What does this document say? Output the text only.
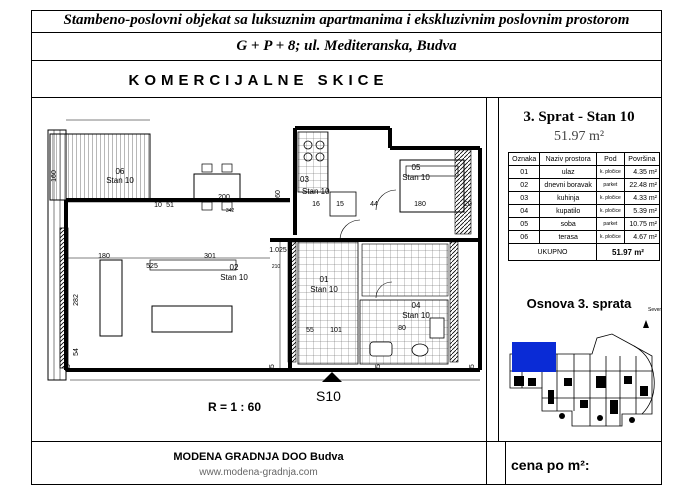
Stambeno-poslovni objekat sa luksuznim apartmanima i ekskluzivnim poslovnim prostorom
G + P + 8; ul. Mediteranska, Budva
KOMERCIJALNE SKICE
3. Sprat - Stan 10
51.97 m²
Oznaka	Naziv prostora	Pod	Površina
01	ulaz	k. pločice	4.35 m²
02	dnevni boravak	parket	22.48 m²
03	kuhinja	k. pločice	4.33 m²
04	kupatilo	k. pločice	5.39 m²
05	soba	parket	10.75 m²
06	terasa	k. pločice	4.67 m²
UKUPNO		51.97 m²	
Osnova 3. sprata	Sever
06
Stan 10	03
Stan 10
05
Stan 10
02
Stan 10	01
Stan 10
04
Stan 10
200
342
180
180
160
525
301
282
54
25
60
15	44
55 101	80
1.025
210
51
10	16	20
25	25	25
S10
R = 1 : 60
MODENA GRADNJA DOO Budva
www.modena-gradnja.com	cena po m²:
